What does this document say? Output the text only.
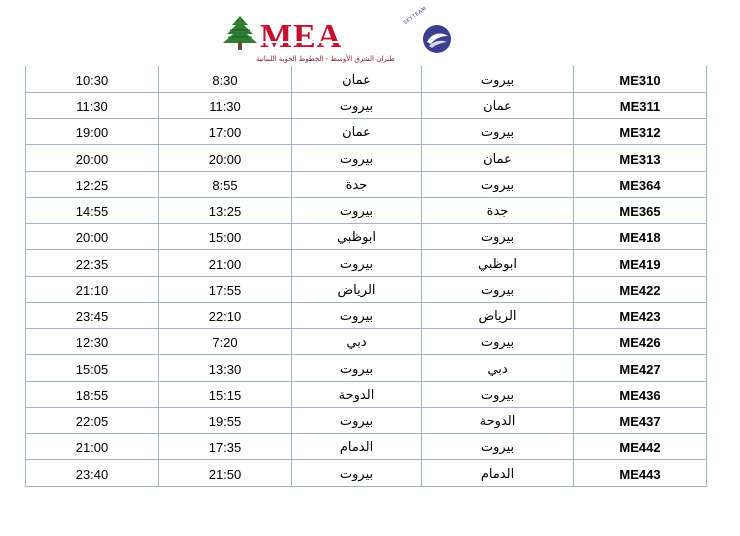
MEA
SKYTEAM
طيران الشرق الأوسط - الخطوط الجوية اللبنانية
10:30	8:30	عمان	بيروت	ME310
11:30	11:30	بيروت	عمان	ME311
19:00	17:00	عمان	بيروت	ME312
20:00	20:00	بيروت	عمان	ME313
12:25	8:55	جدة	بيروت	ME364
14:55	13:25	بيروت	جدة	ME365
20:00	15:00	ابوظبي	بيروت	ME418
22:35	21:00	بيروت	ابوظبي	ME419
21:10	17:55	الرياض	بيروت	ME422
23:45	22:10	بيروت	الرياض	ME423
12:30	7:20	دبي	بيروت	ME426
15:05	13:30	بيروت	دبي	ME427
18:55	15:15	الدوحة	بيروت	ME436
22:05	19:55	بيروت	الدوحة	ME437
21:00	17:35	الدمام	بيروت	ME442
23:40	21:50	بيروت	الدمام	ME443
